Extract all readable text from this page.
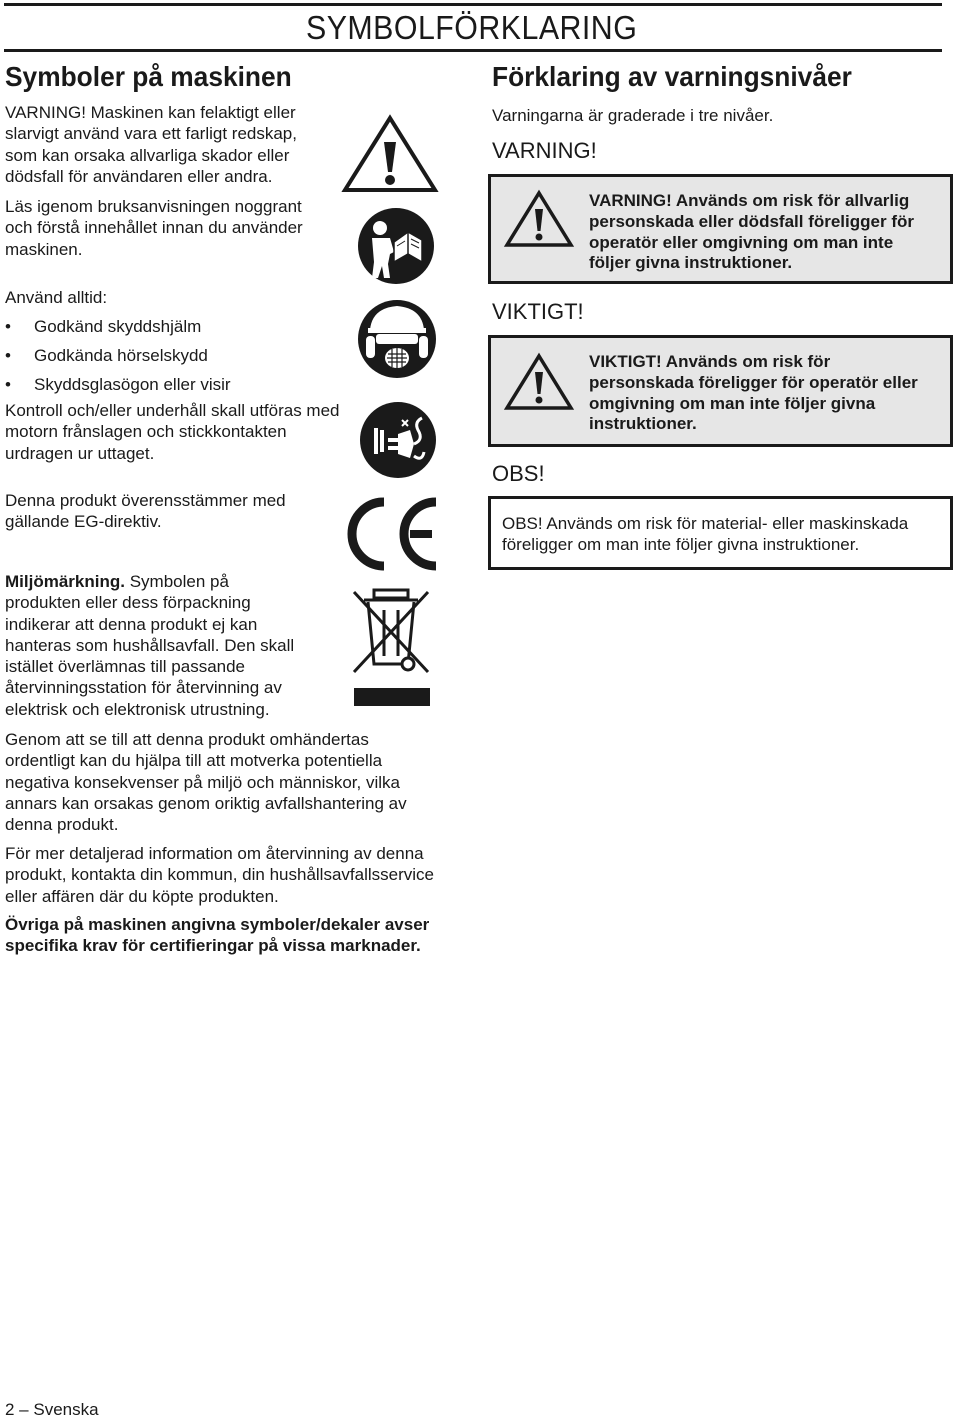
SYMBOLFÖRKLARING
Symboler på maskinen

VARNING! Maskinen kan felaktigt eller slarvigt använd vara ett farligt redskap, som kan orsaka allvarliga skador eller dödsfall för användaren eller andra.

Läs igenom bruksanvisningen noggrant och förstå innehållet innan du använder maskinen.

Använd alltid:

• Godkänd skyddshjälm
• Godkända hörselskydd
• Skyddsglasögon eller visir

Kontroll och/eller underhåll skall utföras med motorn frånslagen och stickkontakten urdragen ur uttaget.

Denna produkt överensstämmer med gällande EG-direktiv.

Miljömärkning. Symbolen på produkten eller dess förpackning indikerar att denna produkt ej kan hanteras som hushållsavfall. Den skall istället överlämnas till passande återvinningsstation för återvinning av elektrisk och elektronisk utrustning.

Genom att se till att denna produkt omhändertas ordentligt kan du hjälpa till att motverka potentiella negativa konsekvenser på miljö och människor, vilka annars kan orsakas genom oriktig avfallshantering av denna produkt.

För mer detaljerad information om återvinning av denna produkt, kontakta din kommun, din hushållsavfallsservice eller affären där du köpte produkten.

Övriga på maskinen angivna symboler/dekaler avser specifika krav för certifieringar på vissa marknader.

Förklaring av varningsnivåer

Varningarna är graderade i tre nivåer.

VARNING!
VARNING! Används om risk för allvarlig personskada eller dödsfall föreligger för operatör eller omgivning om man inte följer givna instruktioner.
VIKTIGT!
VIKTIGT! Används om risk för personskada föreligger för operatör eller omgivning om man inte följer givna instruktioner.
OBS!
OBS! Används om risk för material- eller maskinskada föreligger om man inte följer givna instruktioner.
2 – Svenska
